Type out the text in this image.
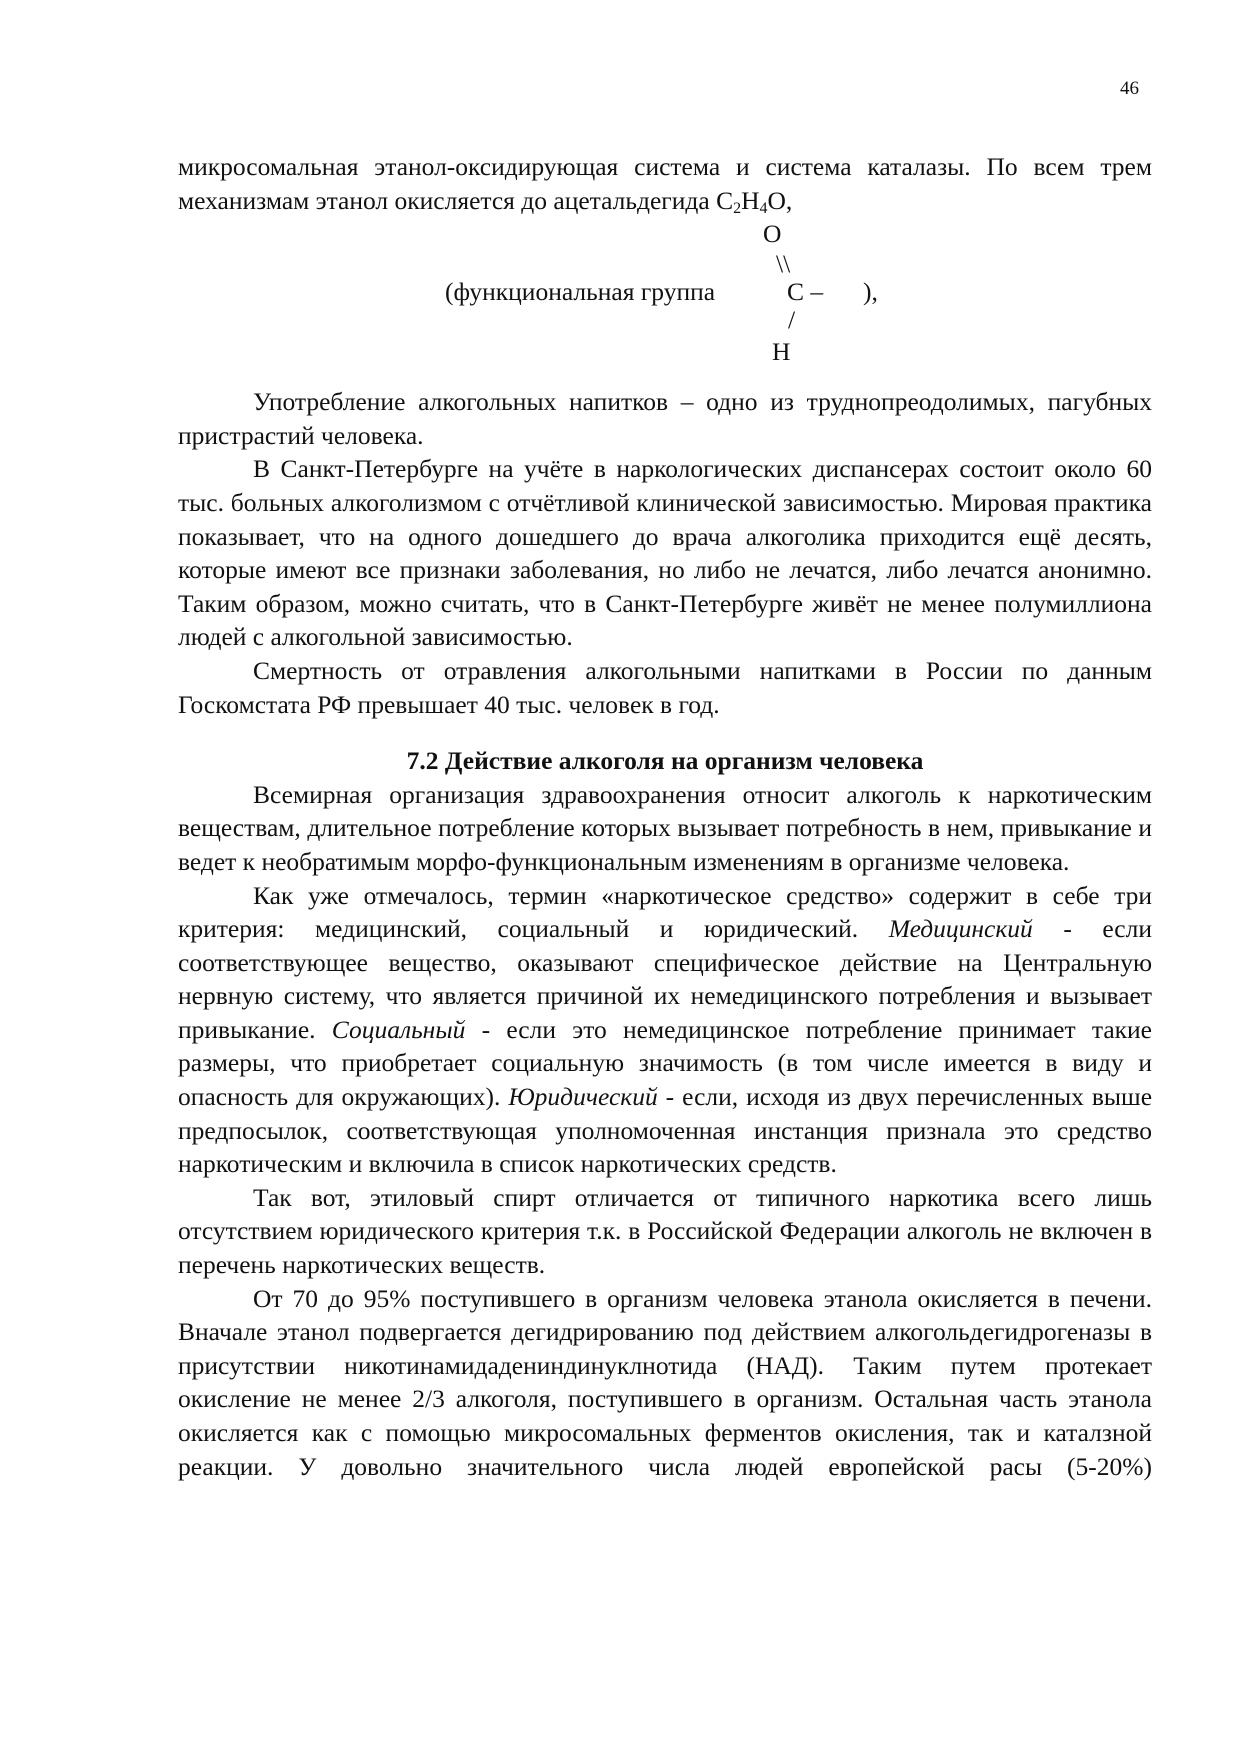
46

микросомальная этанол-оксидирующая система и система каталазы. По всем трем механизмам этанол окисляется до ацетальдегида $C_2H_4O$,

O
\\
(функциональная группа	C – ),
/
H

Употребление алкогольных напитков – одно из труднопреодолимых, пагубных пристрастий человека.

В Санкт-Петербурге на учёте в наркологических диспансерах состоит около 60 тыс. больных алкоголизмом с отчётливой клинической зависимостью. Мировая практика показывает, что на одного дошедшего до врача алкоголика приходится ещё десять, которые имеют все признаки заболевания, но либо не лечатся, либо лечатся анонимно. Таким образом, можно считать, что в Санкт-Петербурге живёт не менее полумиллиона людей с алкогольной зависимостью.

Смертность от отравления алкогольными напитками в России по данным Госкомстата РФ превышает 40 тыс. человек в год.

7.2 Действие алкоголя на организм человека

Всемирная организация здравоохранения относит алкоголь к наркотическим веществам, длительное потребление которых вызывает потребность в нем, привыкание и ведет к необратимым морфо-функциональным изменениям в организме человека.

Как уже отмечалось, термин «наркотическое средство» содержит в себе три критерия: медицинский, социальный и юридический. Медицинский - если соответствующее вещество, оказывают специфическое действие на Центральную нервную систему, что является причиной их немедицинского потребления и вызывает привыкание. Социальный - если это немедицинское потребление принимает такие размеры, что приобретает социальную значимость (в том числе имеется в виду и опасность для окружающих). Юридический - если, исходя из двух перечисленных выше предпосылок, соответствующая уполномоченная инстанция признала это средство наркотическим и включила в список наркотических средств.

Так вот, этиловый спирт отличается от типичного наркотика всего лишь отсутствием юридического критерия т.к. в Российской Федерации алкоголь не включен в перечень наркотических веществ.

От 70 до 95% поступившего в организм человека этанола окисляется в печени. Вначале этанол подвергается дегидрированию под действием алкогольдегидрогеназы в присутствии никотинамидадениндинуклнотида (НАД). Таким путем протекает окисление не менее 2/3 алкоголя, поступившего в организм. Остальная часть этанола окисляется как с помощью микросомальных ферментов окисления, так и каталзной реакции. У довольно значительного числа людей европейской расы (5-20%)
